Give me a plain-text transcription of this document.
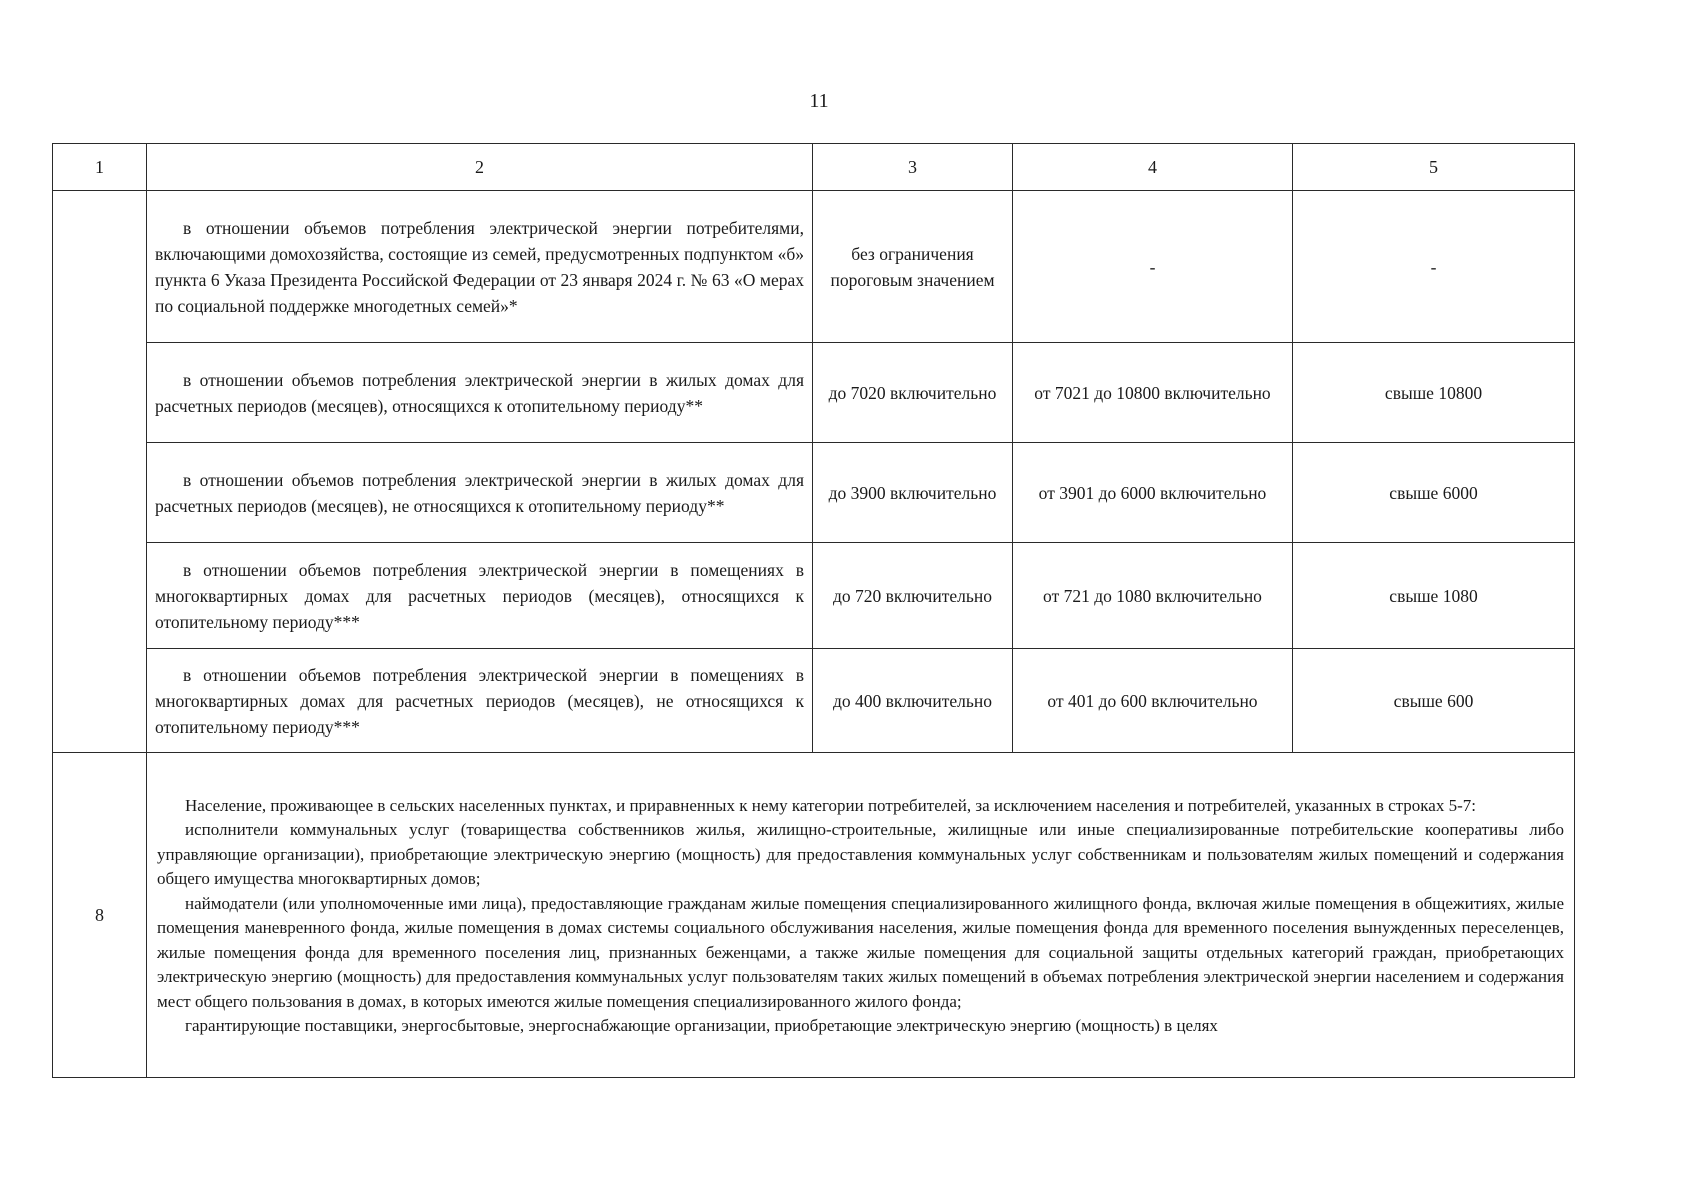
11
1	2	3	4	5

	в отношении объемов потребления электрической энергии потребителями, включающими домохозяйства, состоящие из семей, предусмотренных подпунктом «б» пункта 6 Указа Президента Российской Федерации от 23 января 2024 г. № 63 «О мерах по социальной поддержке многодетных семей»*	без ограничения пороговым значением	-	-

	в отношении объемов потребления электрической энергии в жилых домах для расчетных периодов (месяцев), относящихся к отопительному периоду**	до 7020 включительно	от 7021 до 10800 включительно	свыше 10800

	в отношении объемов потребления электрической энергии в жилых домах для расчетных периодов (месяцев), не относящихся к отопительному периоду**	до 3900 включительно	от 3901 до 6000 включительно	свыше 6000

	в отношении объемов потребления электрической энергии в помещениях в многоквартирных домах для расчетных периодов (месяцев), относящихся к отопительному периоду***	до 720 включительно	от 721 до 1080 включительно	свыше 1080

	в отношении объемов потребления электрической энергии в помещениях в многоквартирных домах для расчетных периодов (месяцев), не относящихся к отопительному периоду***	до 400 включительно	от 401 до 600 включительно	свыше 600
8	Население, проживающее в сельских населенных пунктах, и приравненных к нему категории потребителей, за исключением населения и потребителей, указанных в строках 5-7:

исполнители коммунальных услуг (товарищества собственников жилья, жилищно-строительные, жилищные или иные специализированные потребительские кооперативы либо управляющие организации), приобретающие электрическую энергию (мощность) для предоставления коммунальных услуг собственникам и пользователям жилых помещений и содержания общего имущества многоквартирных домов;

наймодатели (или уполномоченные ими лица), предоставляющие гражданам жилые помещения специализированного жилищного фонда, включая жилые помещения в общежитиях, жилые помещения маневренного фонда, жилые помещения в домах системы социального обслуживания населения, жилые помещения фонда для временного поселения вынужденных переселенцев, жилые помещения фонда для временного поселения лиц, признанных беженцами, а также жилые помещения для социальной защиты отдельных категорий граждан, приобретающих электрическую энергию (мощность) для предоставления коммунальных услуг пользователям таких жилых помещений в объемах потребления электрической энергии населением и содержания мест общего пользования в домах, в которых имеются жилые помещения специализированного жилого фонда;

гарантирующие поставщики, энергосбытовые, энергоснабжающие организации, приобретающие электрическую энергию (мощность) в целях			
